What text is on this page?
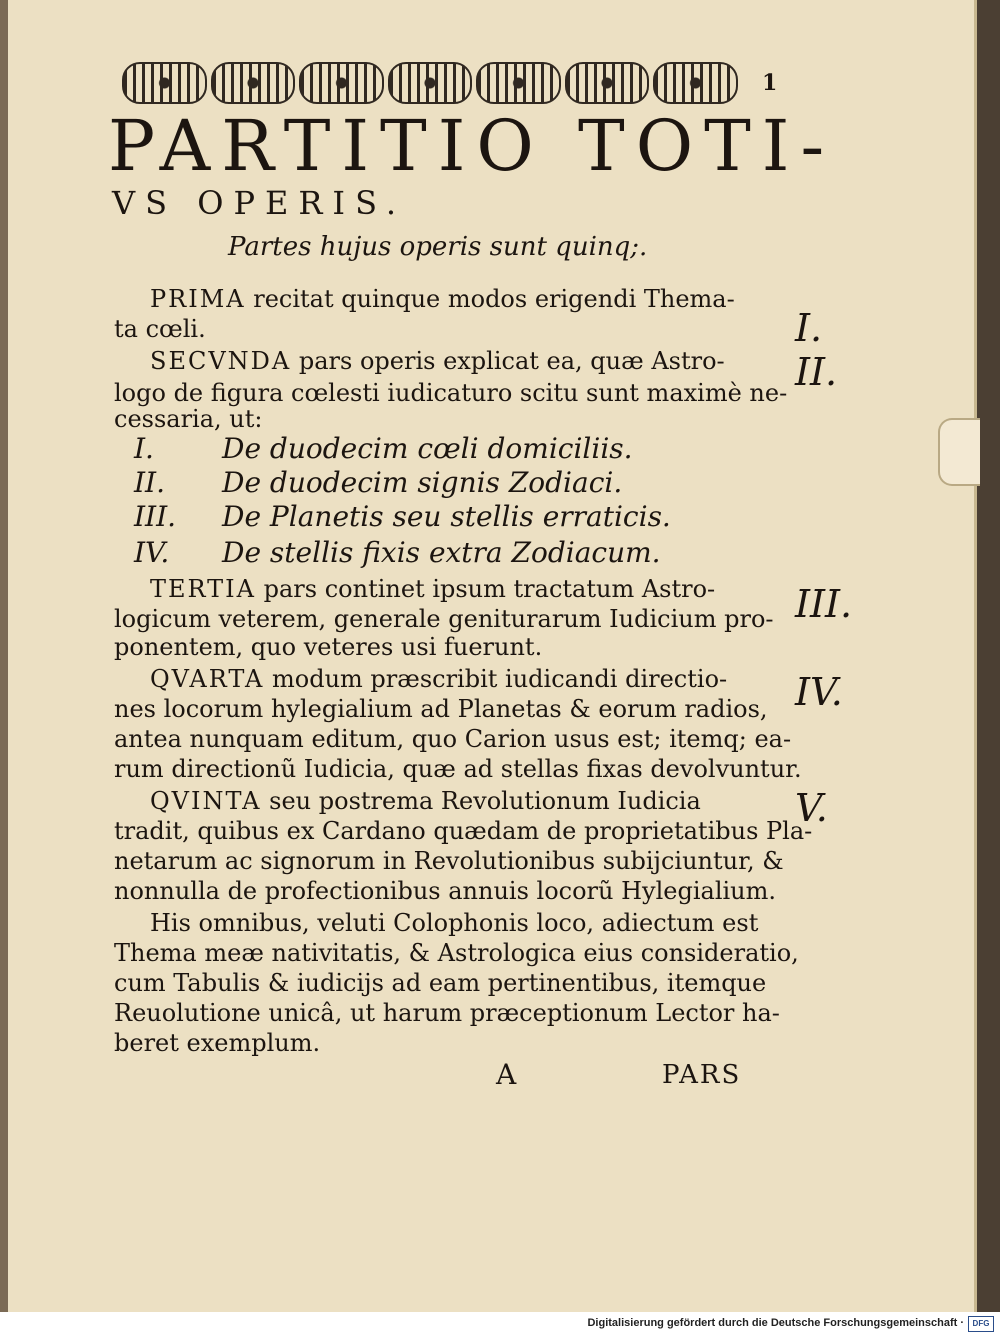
1
PARTITIO TOTI-
VS OPERIS.
Partes hujus operis sunt quinq;.
PRIMA recitat quinque modos erigendi Thema-
ta cœli.
SECVNDA pars operis explicat ea, quæ Astro-
logo de figura cœlesti iudicaturo scitu sunt maximè ne-
cessaria, ut:
I. De duodecim cœli domiciliis.
II. De duodecim signis Zodiaci.
III. De Planetis seu stellis erraticis.
IV. De stellis fixis extra Zodiacum.
TERTIA pars continet ipsum tractatum Astro-
logicum veterem, generale geniturarum Iudicium pro-
ponentem, quo veteres usi fuerunt.
QVARTA modum præscribit iudicandi directio-
nes locorum hylegialium ad Planetas & eorum radios,
antea nunquam editum, quo Carion usus est; itemq; ea-
rum directionũ Iudicia, quæ ad stellas fixas devolvuntur.
QVINTA seu postrema Revolutionum Iudicia
tradit, quibus ex Cardano quædam de proprietatibus Pla-
netarum ac signorum in Revolutionibus subijciuntur, &
nonnulla de profectionibus annuis locorũ Hylegialium.
His omnibus, veluti Colophonis loco, adiectum est
Thema meæ nativitatis, & Astrologica eius consideratio,
cum Tabulis & iudicijs ad eam pertinentibus, itemque
Reuolutione unicâ, ut harum præceptionum Lector ha-
beret exemplum.
I.
II.
III.
IV.
V.
A	PARS
Digitalisierung gefördert durch die Deutsche Forschungsgemeinschaft ·	DFG
